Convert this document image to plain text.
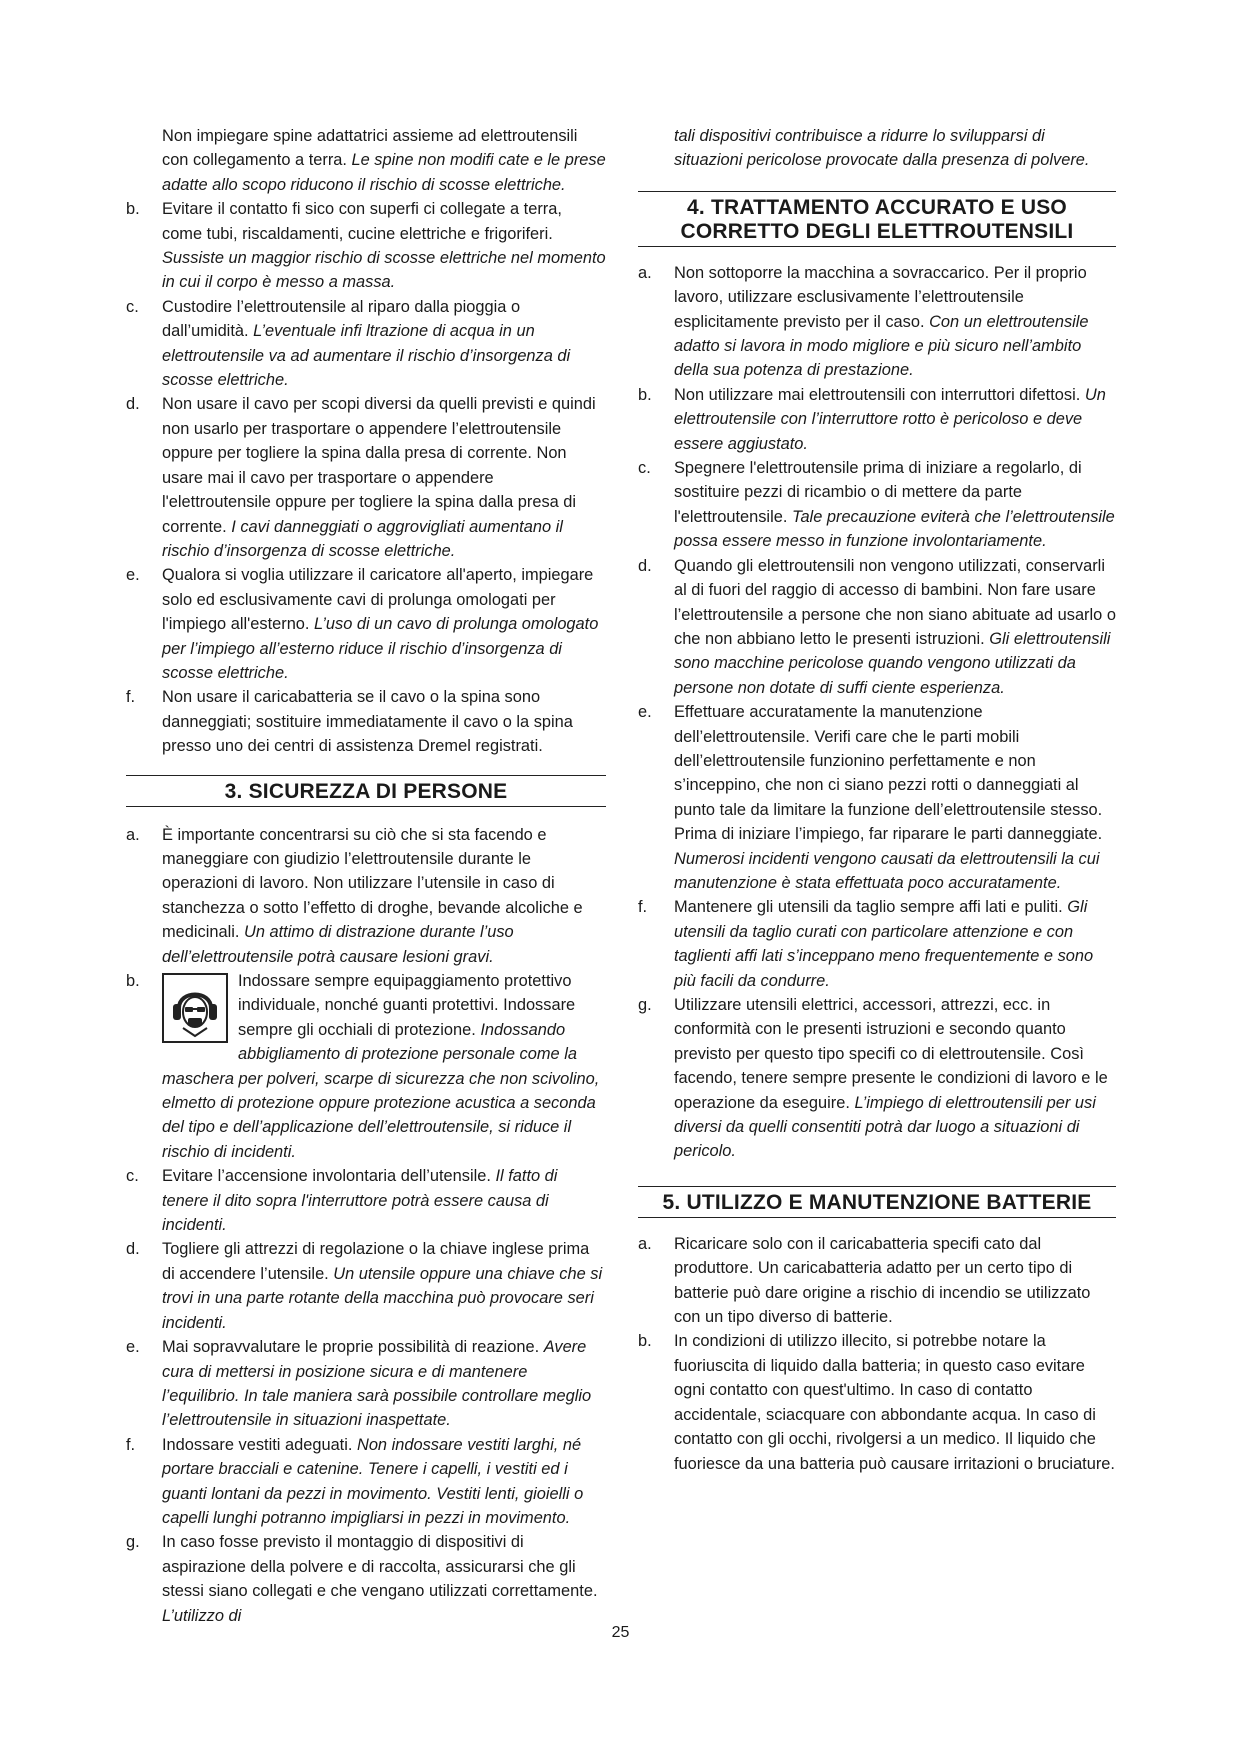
Non impiegare spine adattatrici assieme ad elettroutensili con collegamento a terra. Le spine non modifi cate e le prese adatte allo scopo riducono il rischio di scosse elettriche.

b. Evitare il contatto fi sico con superfi ci collegate a terra, come tubi, riscaldamenti, cucine elettriche e frigoriferi. Sussiste un maggior rischio di scosse elettriche nel momento in cui il corpo è messo a massa.
c. Custodire l’elettroutensile al riparo dalla pioggia o dall’umidità. L’eventuale infi ltrazione di acqua in un elettroutensile va ad aumentare il rischio d’insorgenza di scosse elettriche.
d. Non usare il cavo per scopi diversi da quelli previsti e quindi non usarlo per trasportare o appendere l’elettroutensile oppure per togliere la spina dalla presa di corrente. Non usare mai il cavo per trasportare o appendere l'elettroutensile oppure per togliere la spina dalla presa di corrente. I cavi danneggiati o aggrovigliati aumentano il rischio d’insorgenza di scosse elettriche.
e. Qualora si voglia utilizzare il caricatore all'aperto, impiegare solo ed esclusivamente cavi di prolunga omologati per l'impiego all'esterno. L’uso di un cavo di prolunga omologato per l’impiego all’esterno riduce il rischio d’insorgenza di scosse elettriche.
f. Non usare il caricabatteria se il cavo o la spina sono danneggiati; sostituire immediatamente il cavo o la spina presso uno dei centri di assistenza Dremel registrati.
3. SICUREZZA DI PERSONE
a. È importante concentrarsi su ciò che si sta facendo e maneggiare con giudizio l’elettroutensile durante le operazioni di lavoro. Non utilizzare l’utensile in caso di stanchezza o sotto l’effetto di droghe, bevande alcoliche e medicinali. Un attimo di distrazione durante l’uso dell’elettroutensile potrà causare lesioni gravi.
b.	Indossare sempre equipaggiamento protettivo individuale, nonché guanti protettivi. Indossare sempre gli occhiali di protezione. Indossando abbigliamento di protezione personale come la maschera per polveri, scarpe di sicurezza che non scivolino, elmetto di protezione oppure protezione acustica a seconda del tipo e dell’applicazione dell’elettroutensile, si riduce il rischio di incidenti.
c. Evitare l’accensione involontaria dell’utensile. Il fatto di tenere il dito sopra l'interruttore potrà essere causa di incidenti.
d. Togliere gli attrezzi di regolazione o la chiave inglese prima di accendere l’utensile. Un utensile oppure una chiave che si trovi in una parte rotante della macchina può provocare seri incidenti.
e. Mai sopravvalutare le proprie possibilità di reazione. Avere cura di mettersi in posizione sicura e di mantenere l’equilibrio. In tale maniera sarà possibile controllare meglio l’elettroutensile in situazioni inaspettate.
f. Indossare vestiti adeguati. Non indossare vestiti larghi, né portare bracciali e catenine. Tenere i capelli, i vestiti ed i guanti lontani da pezzi in movimento. Vestiti lenti, gioielli o capelli lunghi potranno impigliarsi in pezzi in movimento.
g. In caso fosse previsto il montaggio di dispositivi di aspirazione della polvere e di raccolta, assicurarsi che gli stessi siano collegati e che vengano utilizzati correttamente. L’utilizzo di

tali dispositivi contribuisce a ridurre lo svilupparsi di situazioni pericolose provocate dalla presenza di polvere.

4. TRATTAMENTO ACCURATO E USO CORRETTO DEGLI ELETTROUTENSILI
a. Non sottoporre la macchina a sovraccarico. Per il proprio lavoro, utilizzare esclusivamente l’elettroutensile esplicitamente previsto per il caso. Con un elettroutensile adatto si lavora in modo migliore e più sicuro nell’ambito della sua potenza di prestazione.
b. Non utilizzare mai elettroutensili con interruttori difettosi. Un elettroutensile con l’interruttore rotto è pericoloso e deve essere aggiustato.
c. Spegnere l'elettroutensile prima di iniziare a regolarlo, di sostituire pezzi di ricambio o di mettere da parte l'elettroutensile. Tale precauzione eviterà che l’elettroutensile possa essere messo in funzione involontariamente.
d. Quando gli elettroutensili non vengono utilizzati, conservarli al di fuori del raggio di accesso di bambini. Non fare usare l’elettroutensile a persone che non siano abituate ad usarlo o che non abbiano letto le presenti istruzioni. Gli elettroutensili sono macchine pericolose quando vengono utilizzati da persone non dotate di suffi ciente esperienza.
e. Effettuare accuratamente la manutenzione dell’elettroutensile. Verifi care che le parti mobili dell’elettroutensile funzionino perfettamente e non s’inceppino, che non ci siano pezzi rotti o danneggiati al punto tale da limitare la funzione dell’elettroutensile stesso. Prima di iniziare l’impiego, far riparare le parti danneggiate. Numerosi incidenti vengono causati da elettroutensili la cui manutenzione è stata effettuata poco accuratamente.
f. Mantenere gli utensili da taglio sempre affi lati e puliti. Gli utensili da taglio curati con particolare attenzione e con taglienti affi lati s’inceppano meno frequentemente e sono più facili da condurre.
g. Utilizzare utensili elettrici, accessori, attrezzi, ecc. in conformità con le presenti istruzioni e secondo quanto previsto per questo tipo specifi co di elettroutensile. Così facendo, tenere sempre presente le condizioni di lavoro e le operazione da eseguire. L’impiego di elettroutensili per usi diversi da quelli consentiti potrà dar luogo a situazioni di pericolo.
5. UTILIZZO E MANUTENZIONE BATTERIE
a. Ricaricare solo con il caricabatteria specifi cato dal produttore. Un caricabatteria adatto per un certo tipo di batterie può dare origine a rischio di incendio se utilizzato con un tipo diverso di batterie.
b. In condizioni di utilizzo illecito, si potrebbe notare la fuoriuscita di liquido dalla batteria; in questo caso evitare ogni contatto con quest'ultimo. In caso di contatto accidentale, sciacquare con abbondante acqua. In caso di contatto con gli occhi, rivolgersi a un medico. Il liquido che fuoriesce da una batteria può causare irritazioni o bruciature.
25
